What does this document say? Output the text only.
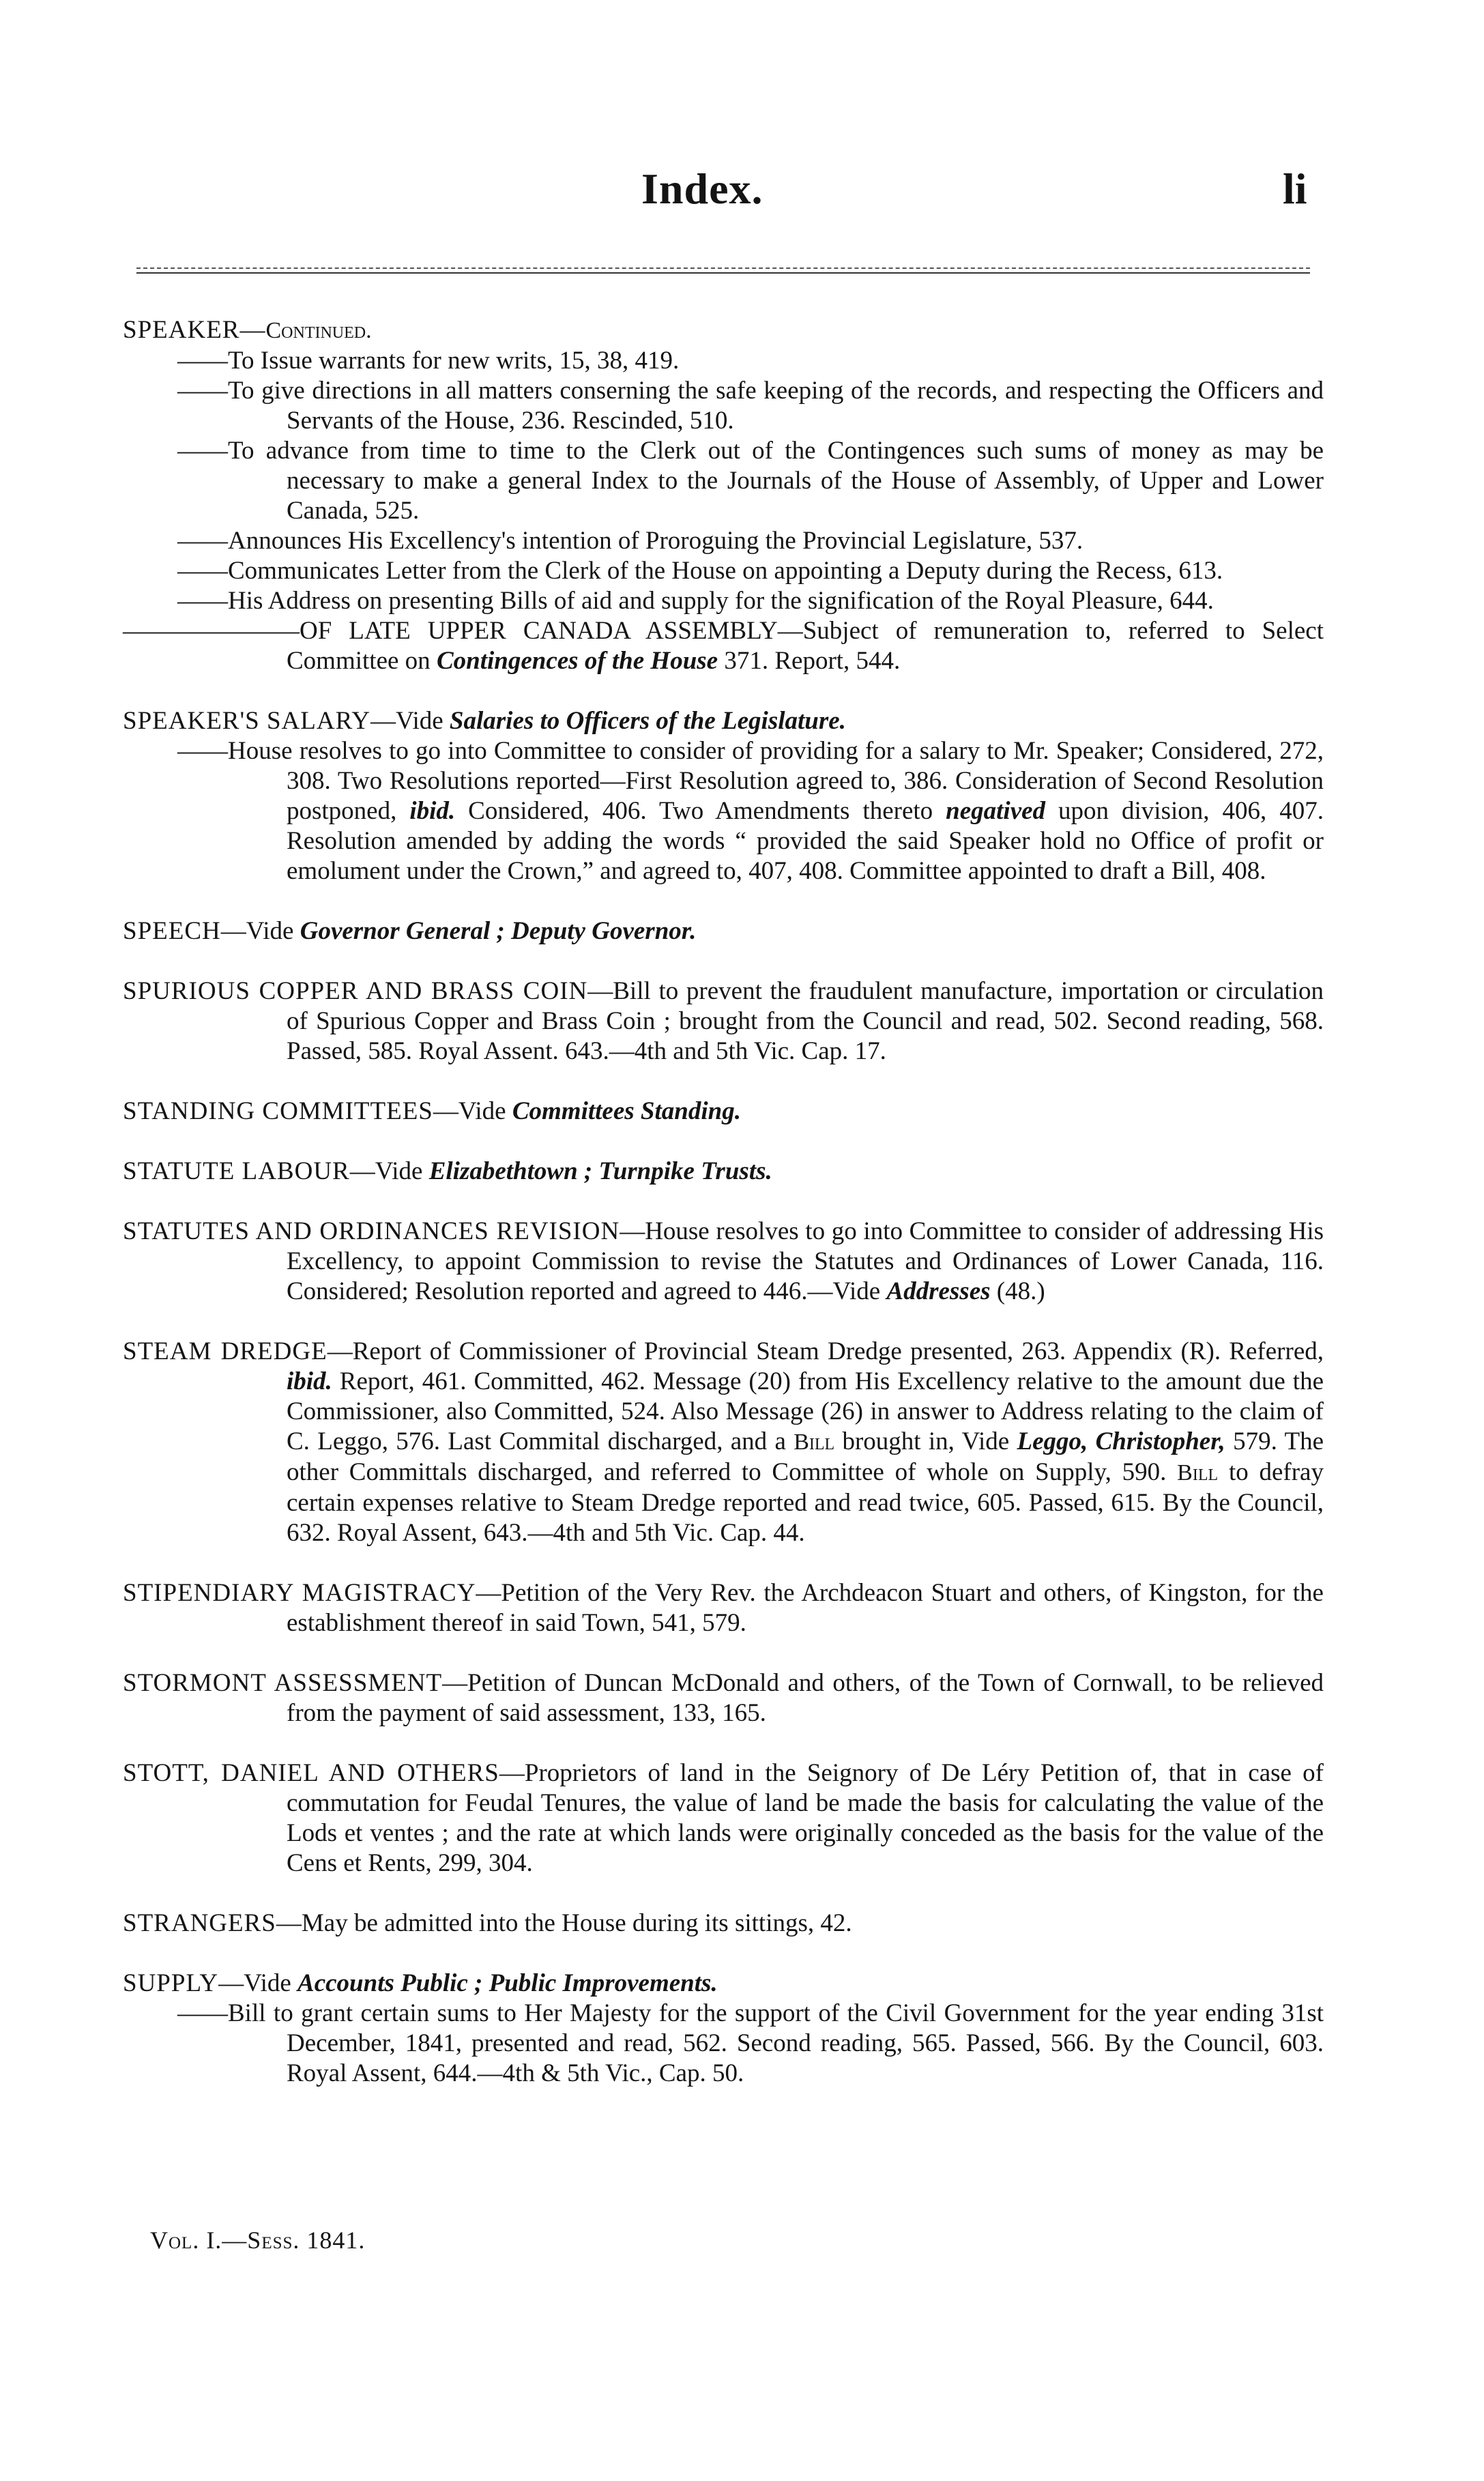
Index.	li
SPEAKER—Continued.
——To Issue warrants for new writs, 15, 38, 419.
——To give directions in all matters conserning the safe keeping of the records, and respecting the Officers and Servants of the House, 236. Rescinded, 510.
——To advance from time to time to the Clerk out of the Contingences such sums of money as may be necessary to make a general Index to the Journals of the House of Assembly, of Upper and Lower Canada, 525.
——Announces His Excellency's intention of Proroguing the Provincial Legislature, 537.
——Communicates Letter from the Clerk of the House on appointing a Deputy during the Recess, 613.
——His Address on presenting Bills of aid and supply for the signification of the Royal Pleasure, 644.
———————OF LATE UPPER CANADA ASSEMBLY—Subject of remuneration to, referred to Select Committee on Contingences of the House 371. Report, 544.
SPEAKER'S SALARY—Vide Salaries to Officers of the Legislature.
——House resolves to go into Committee to consider of providing for a salary to Mr. Speaker; Considered, 272, 308. Two Resolutions reported—First Resolution agreed to, 386. Consideration of Second Resolution postponed, ibid. Considered, 406. Two Amendments thereto negatived upon division, 406, 407. Resolution amended by adding the words “ provided the said Speaker hold no Office of profit or emolument under the Crown,” and agreed to, 407, 408. Committee appointed to draft a Bill, 408.
SPEECH—Vide Governor General ; Deputy Governor.
SPURIOUS COPPER AND BRASS COIN—Bill to prevent the fraudulent manufacture, importation or circulation of Spurious Copper and Brass Coin ; brought from the Council and read, 502. Second reading, 568. Passed, 585. Royal Assent. 643.—4th and 5th Vic. Cap. 17.
STANDING COMMITTEES—Vide Committees Standing.
STATUTE LABOUR—Vide Elizabethtown ; Turnpike Trusts.
STATUTES AND ORDINANCES REVISION—House resolves to go into Committee to consider of addressing His Excellency, to appoint Commission to revise the Statutes and Ordinances of Lower Canada, 116. Considered; Resolution reported and agreed to 446.—Vide Addresses (48.)
STEAM DREDGE—Report of Commissioner of Provincial Steam Dredge presented, 263. Appendix (R). Referred, ibid. Report, 461. Committed, 462. Message (20) from His Excellency relative to the amount due the Commissioner, also Committed, 524. Also Message (26) in answer to Address relating to the claim of C. Leggo, 576. Last Commital discharged, and a Bill brought in, Vide Leggo, Christopher, 579. The other Committals discharged, and referred to Committee of whole on Supply, 590. Bill to defray certain expenses relative to Steam Dredge reported and read twice, 605. Passed, 615. By the Council, 632. Royal Assent, 643.—4th and 5th Vic. Cap. 44.
STIPENDIARY MAGISTRACY—Petition of the Very Rev. the Archdeacon Stuart and others, of Kingston, for the establishment thereof in said Town, 541, 579.
STORMONT ASSESSMENT—Petition of Duncan McDonald and others, of the Town of Cornwall, to be relieved from the payment of said assessment, 133, 165.
STOTT, DANIEL AND OTHERS—Proprietors of land in the Seignory of De Léry Petition of, that in case of commutation for Feudal Tenures, the value of land be made the basis for calculating the value of the Lods et ventes ; and the rate at which lands were originally conceded as the basis for the value of the Cens et Rents, 299, 304.
STRANGERS—May be admitted into the House during its sittings, 42.
SUPPLY—Vide Accounts Public ; Public Improvements.
——Bill to grant certain sums to Her Majesty for the support of the Civil Government for the year ending 31st December, 1841, presented and read, 562. Second reading, 565. Passed, 566. By the Council, 603. Royal Assent, 644.—4th & 5th Vic., Cap. 50.
Vol. I.—Sess. 1841.
